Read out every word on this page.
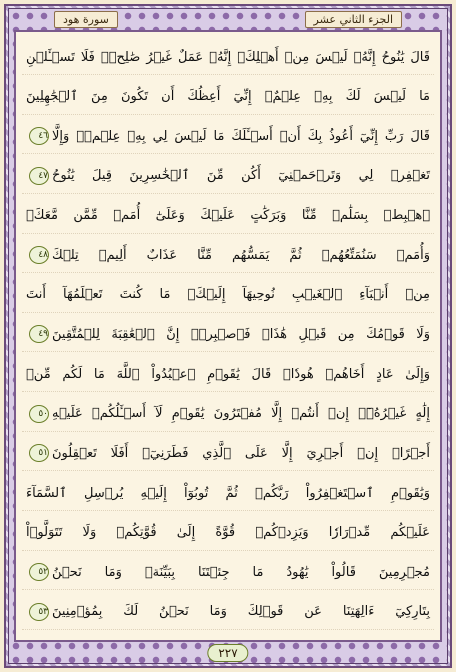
سورة هود	الجزء الثاني عشر
قَالَ يَٰنُوحُ إِنَّهُۥ لَيۡسَ مِنۡ أَهۡلِكَۖ إِنَّهُۥ عَمَلٌ غَيۡرُ صَٰلِحٖۖ فَلَا تَسۡـَٔلۡنِ
مَا لَيۡسَ لَكَ بِهِۦ عِلۡمٌۖ إِنِّيٓ أَعِظُكَ أَن تَكُونَ مِنَ ٱلۡجَٰهِلِينَ
قَالَ رَبِّ إِنِّيٓ أَعُوذُ بِكَ أَنۡ أَسۡـَٔلَكَ مَا لَيۡسَ لِي بِهِۦ عِلۡمٞۖ وَإِلَّا
٤٦
تَغۡفِرۡ لِي وَتَرۡحَمۡنِيٓ أَكُن مِّنَ ٱلۡخَٰسِرِينَ قِيلَ يَٰنُوحُ
٤٧
ٱهۡبِطۡ بِسَلَٰمٖ مِّنَّا وَبَرَكَٰتٍ عَلَيۡكَ وَعَلَىٰٓ أُمَمٖ مِّمَّن مَّعَكَۚ
وَأُمَمٞ سَنُمَتِّعُهُمۡ ثُمَّ يَمَسُّهُم مِّنَّا عَذَابٌ أَلِيمٞ تِلۡكَ
٤٨
مِنۡ أَنۢبَآءِ ٱلۡغَيۡبِ نُوحِيهَآ إِلَيۡكَۖ مَا كُنتَ تَعۡلَمُهَآ أَنتَ
وَلَا قَوۡمُكَ مِن قَبۡلِ هَٰذَاۖ فَٱصۡبِرۡۖ إِنَّ ٱلۡعَٰقِبَةَ لِلۡمُتَّقِينَ
٤٩
وَإِلَىٰ عَادٍ أَخَاهُمۡ هُودٗاۚ قَالَ يَٰقَوۡمِ ٱعۡبُدُواْ ٱللَّهَ مَا لَكُم مِّنۡ
إِلَٰهٍ غَيۡرُهُۥٓۖ إِنۡ أَنتُمۡ إِلَّا مُفۡتَرُونَ يَٰقَوۡمِ لَآ أَسۡـَٔلُكُمۡ عَلَيۡهِ
٥٠
أَجۡرًاۖ إِنۡ أَجۡرِيَ إِلَّا عَلَى ٱلَّذِي فَطَرَنِيٓۚ أَفَلَا تَعۡقِلُونَ
٥١
وَيَٰقَوۡمِ ٱسۡتَغۡفِرُواْ رَبَّكُمۡ ثُمَّ تُوبُوٓاْ إِلَيۡهِ يُرۡسِلِ ٱلسَّمَآءَ
عَلَيۡكُم مِّدۡرَارٗا وَيَزِدۡكُمۡ قُوَّةً إِلَىٰ قُوَّتِكُمۡ وَلَا تَتَوَلَّوۡاْ
مُجۡرِمِينَ قَالُواْ يَٰهُودُ مَا جِئۡتَنَا بِبَيِّنَةٖ وَمَا نَحۡنُ
٥٢
بِتَارِكِيٓ ءَالِهَتِنَا عَن قَوۡلِكَ وَمَا نَحۡنُ لَكَ بِمُؤۡمِنِينَ
٥٣
٢٢٧
